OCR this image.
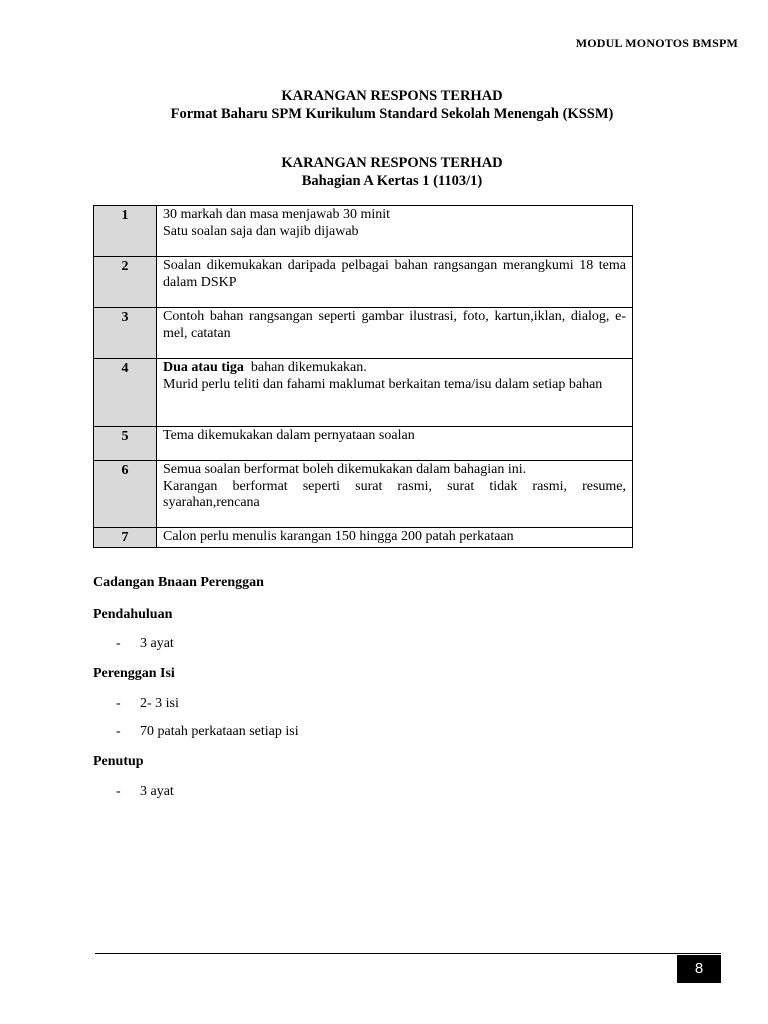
MODUL MONOTOS BMSPM
KARANGAN RESPONS TERHAD
Format Baharu SPM Kurikulum Standard Sekolah Menengah (KSSM)
KARANGAN RESPONS TERHAD
Bahagian A Kertas 1 (1103/1)
1	30 markah dan masa menjawab 30 minit
Satu soalan saja dan wajib dijawab

2	Soalan dikemukakan daripada pelbagai bahan rangsangan merangkumi 18 tema dalam DSKP
3	Contoh bahan rangsangan seperti gambar ilustrasi, foto, kartun,iklan, dialog, e-mel, catatan
4	Dua atau tiga  bahan dikemukakan.
Murid perlu teliti dan fahami maklumat berkaitan tema/isu dalam setiap bahan

5	Tema dikemukakan dalam pernyataan soalan
6	Semua soalan berformat boleh dikemukakan dalam bahagian ini.
Karangan berformat seperti surat rasmi, surat tidak rasmi, resume, syarahan,rencana

7	Calon perlu menulis karangan 150 hingga 200 patah perkataan
Cadangan Bnaan Perenggan
Pendahuluan
- 3 ayat
Perenggan Isi
- 2- 3 isi
- 70 patah perkataan setiap isi
Penutup
- 3 ayat
8
